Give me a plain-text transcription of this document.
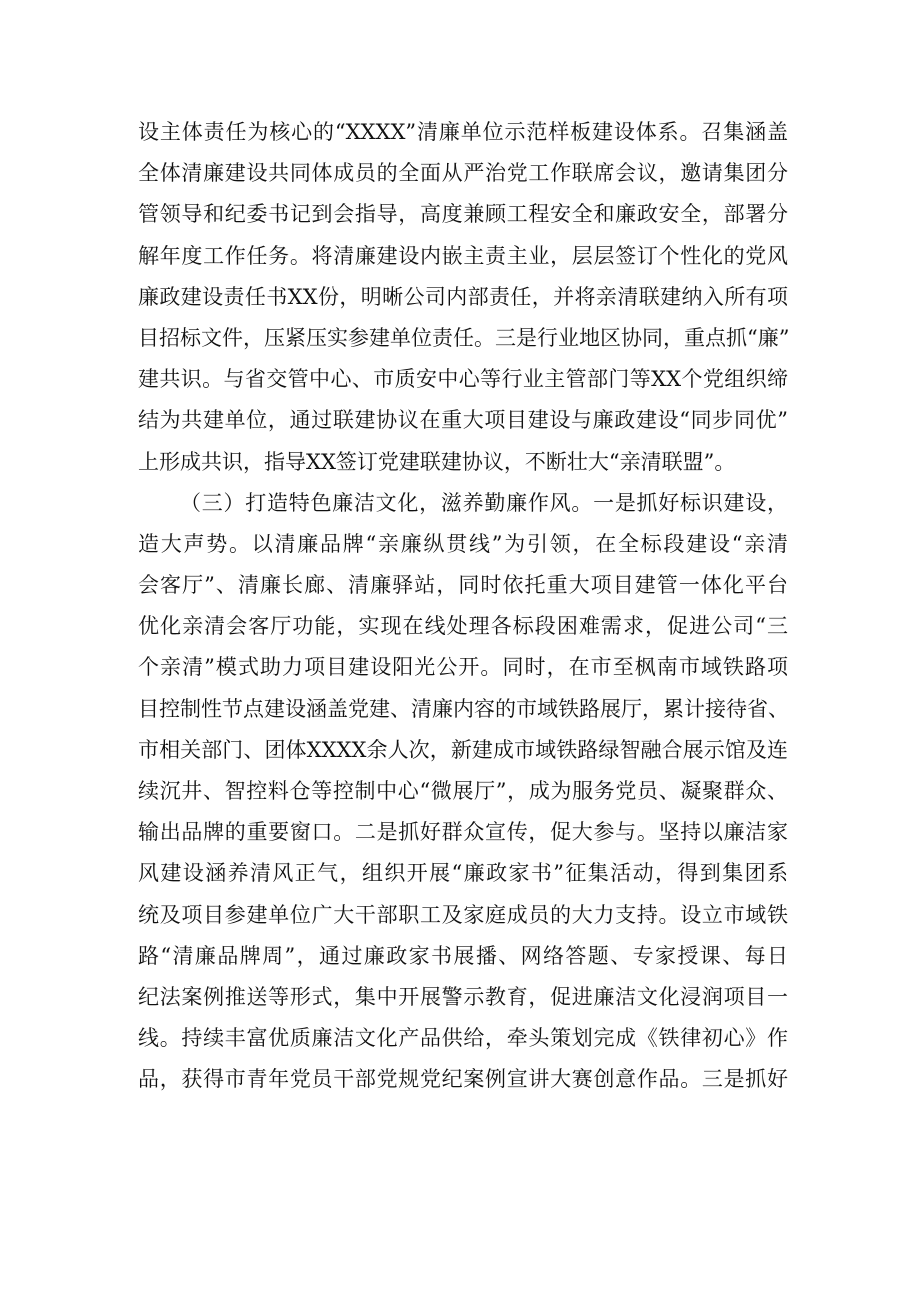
设主体责任为核心的“XXXX”清廉单位示范样板建设体系。召集涵盖
全体清廉建设共同体成员的全面从严治党工作联席会议，邀请集团分
管领导和纪委书记到会指导，高度兼顾工程安全和廉政安全，部署分
解年度工作任务。将清廉建设内嵌主责主业，层层签订个性化的党风
廉政建设责任书XX份，明晰公司内部责任，并将亲清联建纳入所有项
目招标文件，压紧压实参建单位责任。三是行业地区协同，重点抓“廉”
建共识。与省交管中心、市质安中心等行业主管部门等XX个党组织缔
结为共建单位，通过联建协议在重大项目建设与廉政建设“同步同优”
上形成共识，指导XX签订党建联建协议，不断壮大“亲清联盟”。
（三）打造特色廉洁文化，滋养勤廉作风。一是抓好标识建设，
造大声势。以清廉品牌“亲廉纵贯线”为引领，在全标段建设“亲清
会客厅”、清廉长廊、清廉驿站，同时依托重大项目建管一体化平台
优化亲清会客厅功能，实现在线处理各标段困难需求，促进公司“三
个亲清”模式助力项目建设阳光公开。同时，在市至枫南市域铁路项
目控制性节点建设涵盖党建、清廉内容的市域铁路展厅，累计接待省、
市相关部门、团体XXXX余人次，新建成市域铁路绿智融合展示馆及连
续沉井、智控料仓等控制中心“微展厅”，成为服务党员、凝聚群众、
输出品牌的重要窗口。二是抓好群众宣传，促大参与。坚持以廉洁家
风建设涵养清风正气，组织开展“廉政家书”征集活动，得到集团系
统及项目参建单位广大干部职工及家庭成员的大力支持。设立市域铁
路“清廉品牌周”，通过廉政家书展播、网络答题、专家授课、每日
纪法案例推送等形式，集中开展警示教育，促进廉洁文化浸润项目一
线。持续丰富优质廉洁文化产品供给，牵头策划完成《铁律初心》作
品，获得市青年党员干部党规党纪案例宣讲大赛创意作品。三是抓好
